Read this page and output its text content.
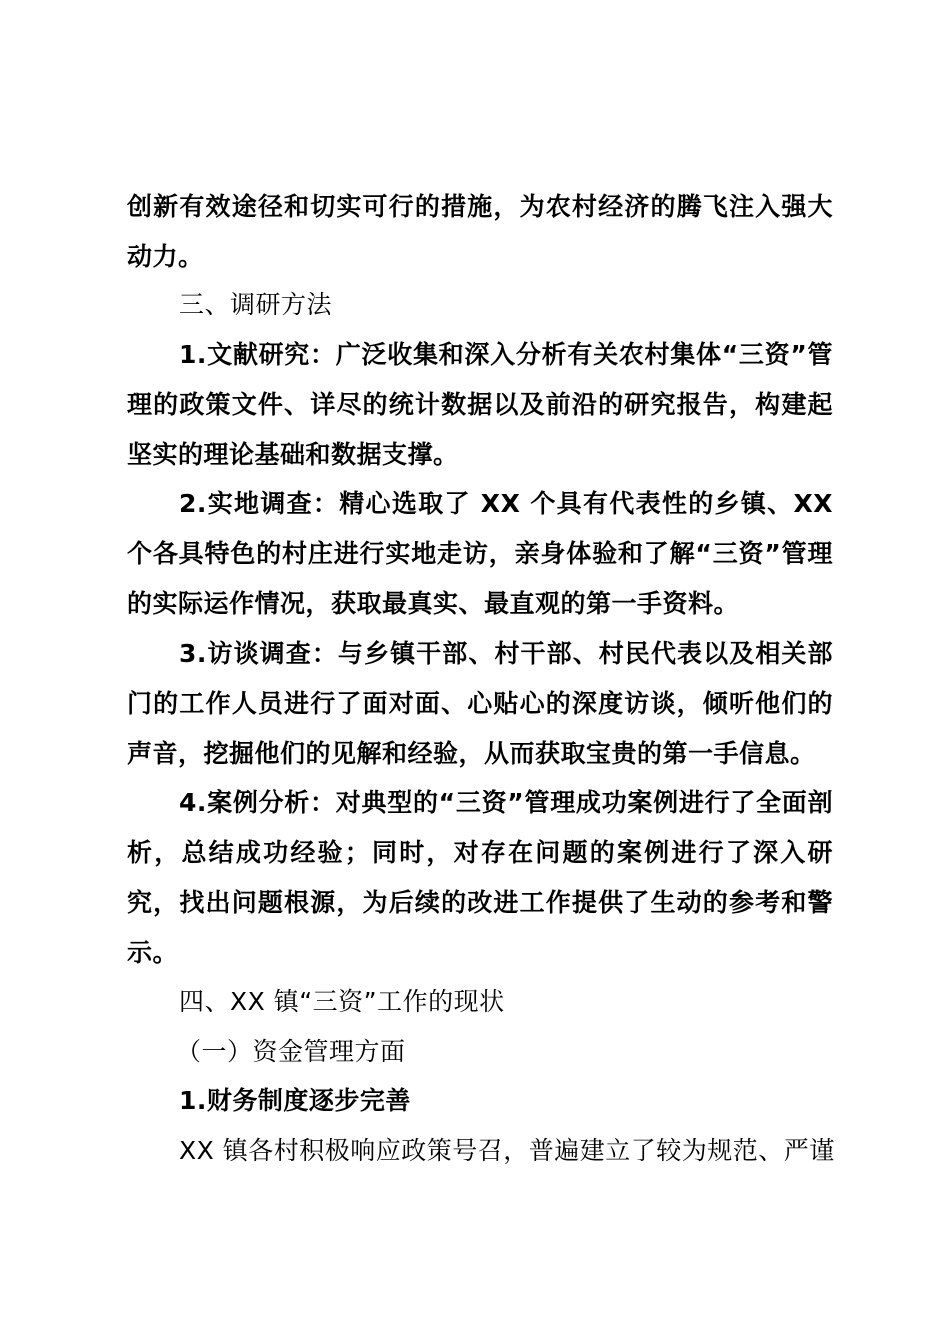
创新有效途径和切实可行的措施，为农村经济的腾飞注入强大动力。

三、调研方法

1.文献研究：广泛收集和深入分析有关农村集体“三资”管理的政策文件、详尽的统计数据以及前沿的研究报告，构建起坚实的理论基础和数据支撑。

2.实地调查：精心选取了 XX 个具有代表性的乡镇、XX 个各具特色的村庄进行实地走访，亲身体验和了解“三资”管理的实际运作情况，获取最真实、最直观的第一手资料。

3.访谈调查：与乡镇干部、村干部、村民代表以及相关部门的工作人员进行了面对面、心贴心的深度访谈，倾听他们的声音，挖掘他们的见解和经验，从而获取宝贵的第一手信息。

4.案例分析：对典型的“三资”管理成功案例进行了全面剖析，总结成功经验；同时，对存在问题的案例进行了深入研究，找出问题根源，为后续的改进工作提供了生动的参考和警示。

四、XX 镇“三资”工作的现状

（一）资金管理方面

1.财务制度逐步完善

XX 镇各村积极响应政策号召，普遍建立了较为规范、严谨
